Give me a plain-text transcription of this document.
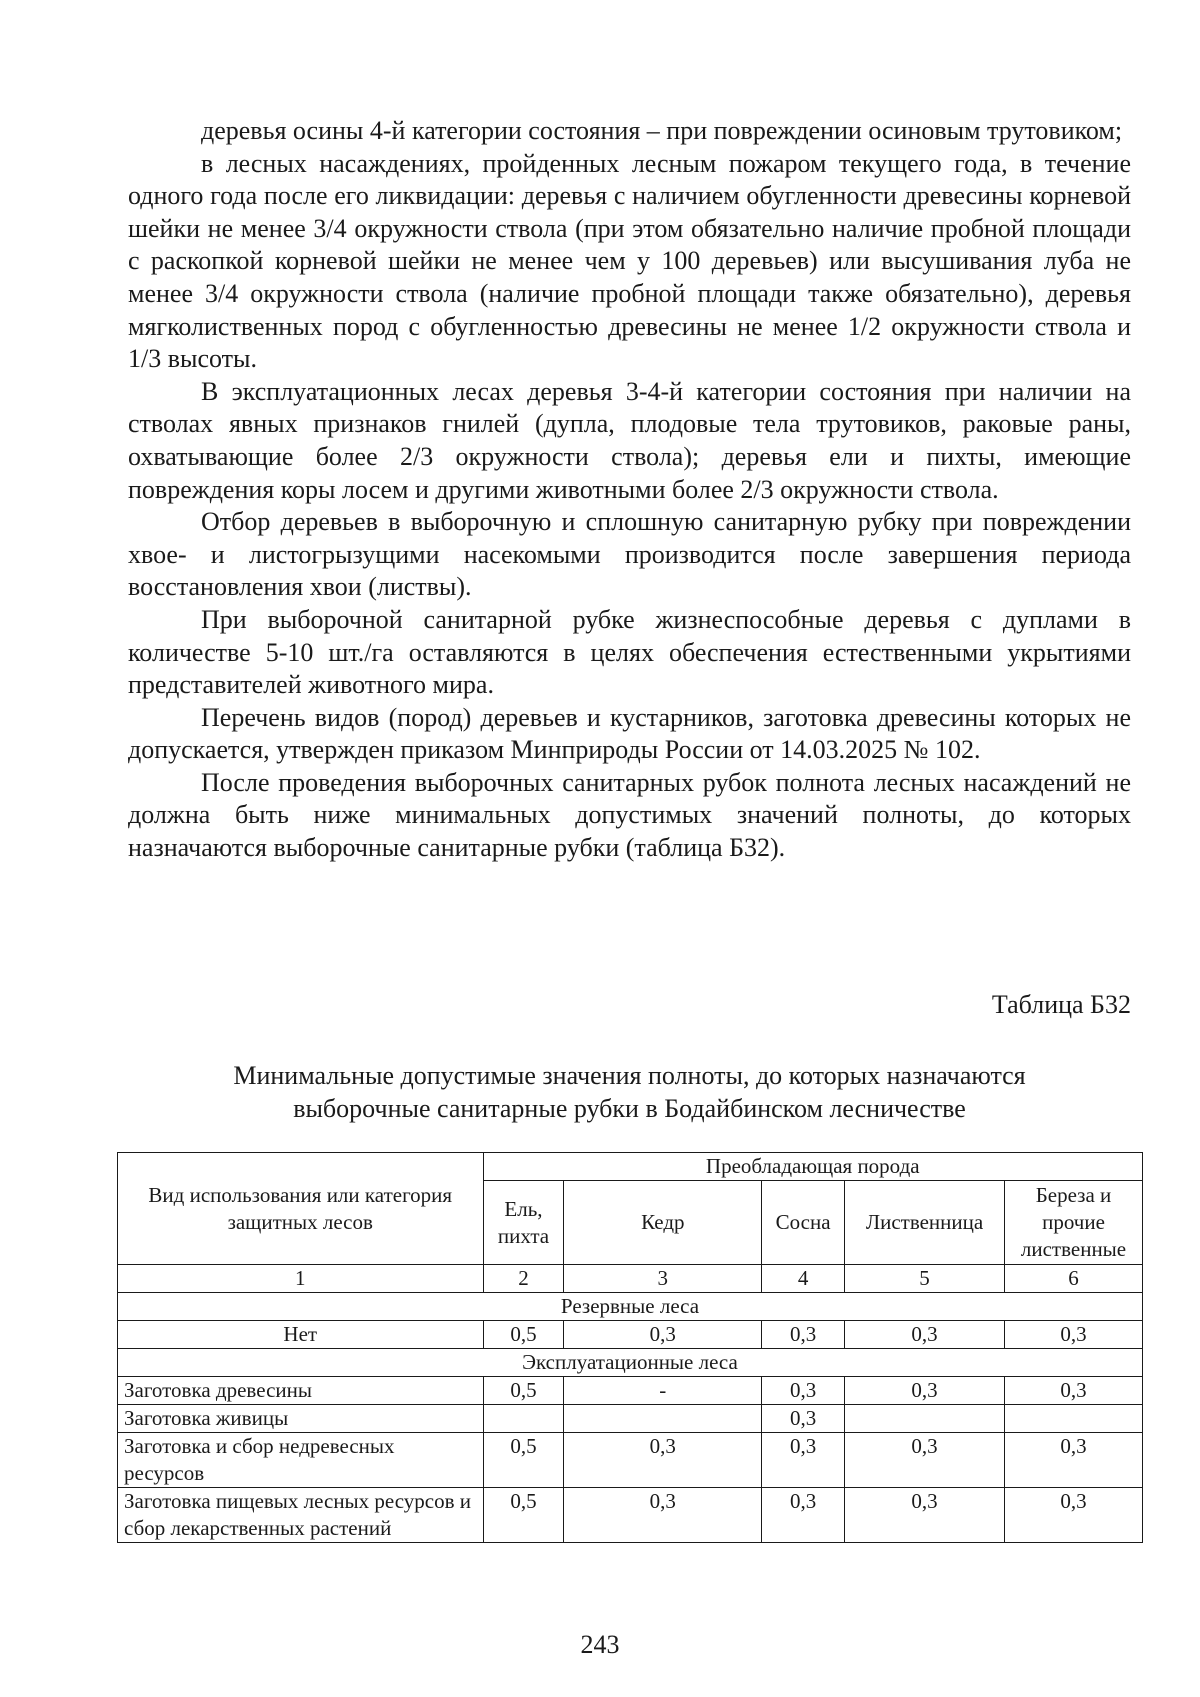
деревья осины 4-й категории состояния – при повреждении осиновым трутовиком;

в лесных насаждениях, пройденных лесным пожаром текущего года, в течение одного года после его ликвидации: деревья с наличием обугленности древесины корневой шейки не менее 3/4 окружности ствола (при этом обязательно наличие пробной площади с раскопкой корневой шейки не менее чем у 100 деревьев) или высушивания луба не менее 3/4 окружности ствола (наличие пробной площади также обязательно), деревья мягколиственных пород с обугленностью древесины не менее 1/2 окружности ствола и 1/3 высоты.

В эксплуатационных лесах деревья 3-4-й категории состояния при наличии на стволах явных признаков гнилей (дупла, плодовые тела трутовиков, раковые раны, охватывающие более 2/3 окружности ствола); деревья ели и пихты, имеющие повреждения коры лосем и другими животными более 2/3 окружности ствола.

Отбор деревьев в выборочную и сплошную санитарную рубку при повреждении хвое- и листогрызущими насекомыми производится после завершения периода восстановления хвои (листвы).

При выборочной санитарной рубке жизнеспособные деревья с дуплами в количестве 5-10 шт./га оставляются в целях обеспечения естественными укрытиями представителей животного мира.

Перечень видов (пород) деревьев и кустарников, заготовка древесины которых не допускается, утвержден приказом Минприроды России от 14.03.2025 № 102.

После проведения выборочных санитарных рубок полнота лесных насаждений не должна быть ниже минимальных допустимых значений полноты, до которых назначаются выборочные санитарные рубки (таблица Б32).

Таблица Б32
Минимальные допустимые значения полноты, до которых назначаются
выборочные санитарные рубки в Бодайбинском лесничестве
Вид использования или категория защитных лесов	Преобладающая порода				
	Ель, пихта	Кедр	Сосна	Лиственница	Береза и прочие лиственные
1	2	3	4	5	6
Резервные леса					
Нет	0,5	0,3	0,3	0,3	0,3
Эксплуатационные леса					
Заготовка древесины	0,5	-	0,3	0,3	0,3
Заготовка живицы			0,3		
Заготовка и сбор недревесных ресурсов	0,5	0,3	0,3	0,3	0,3
Заготовка пищевых лесных ресурсов и сбор лекарственных растений	0,5	0,3	0,3	0,3	0,3
243
